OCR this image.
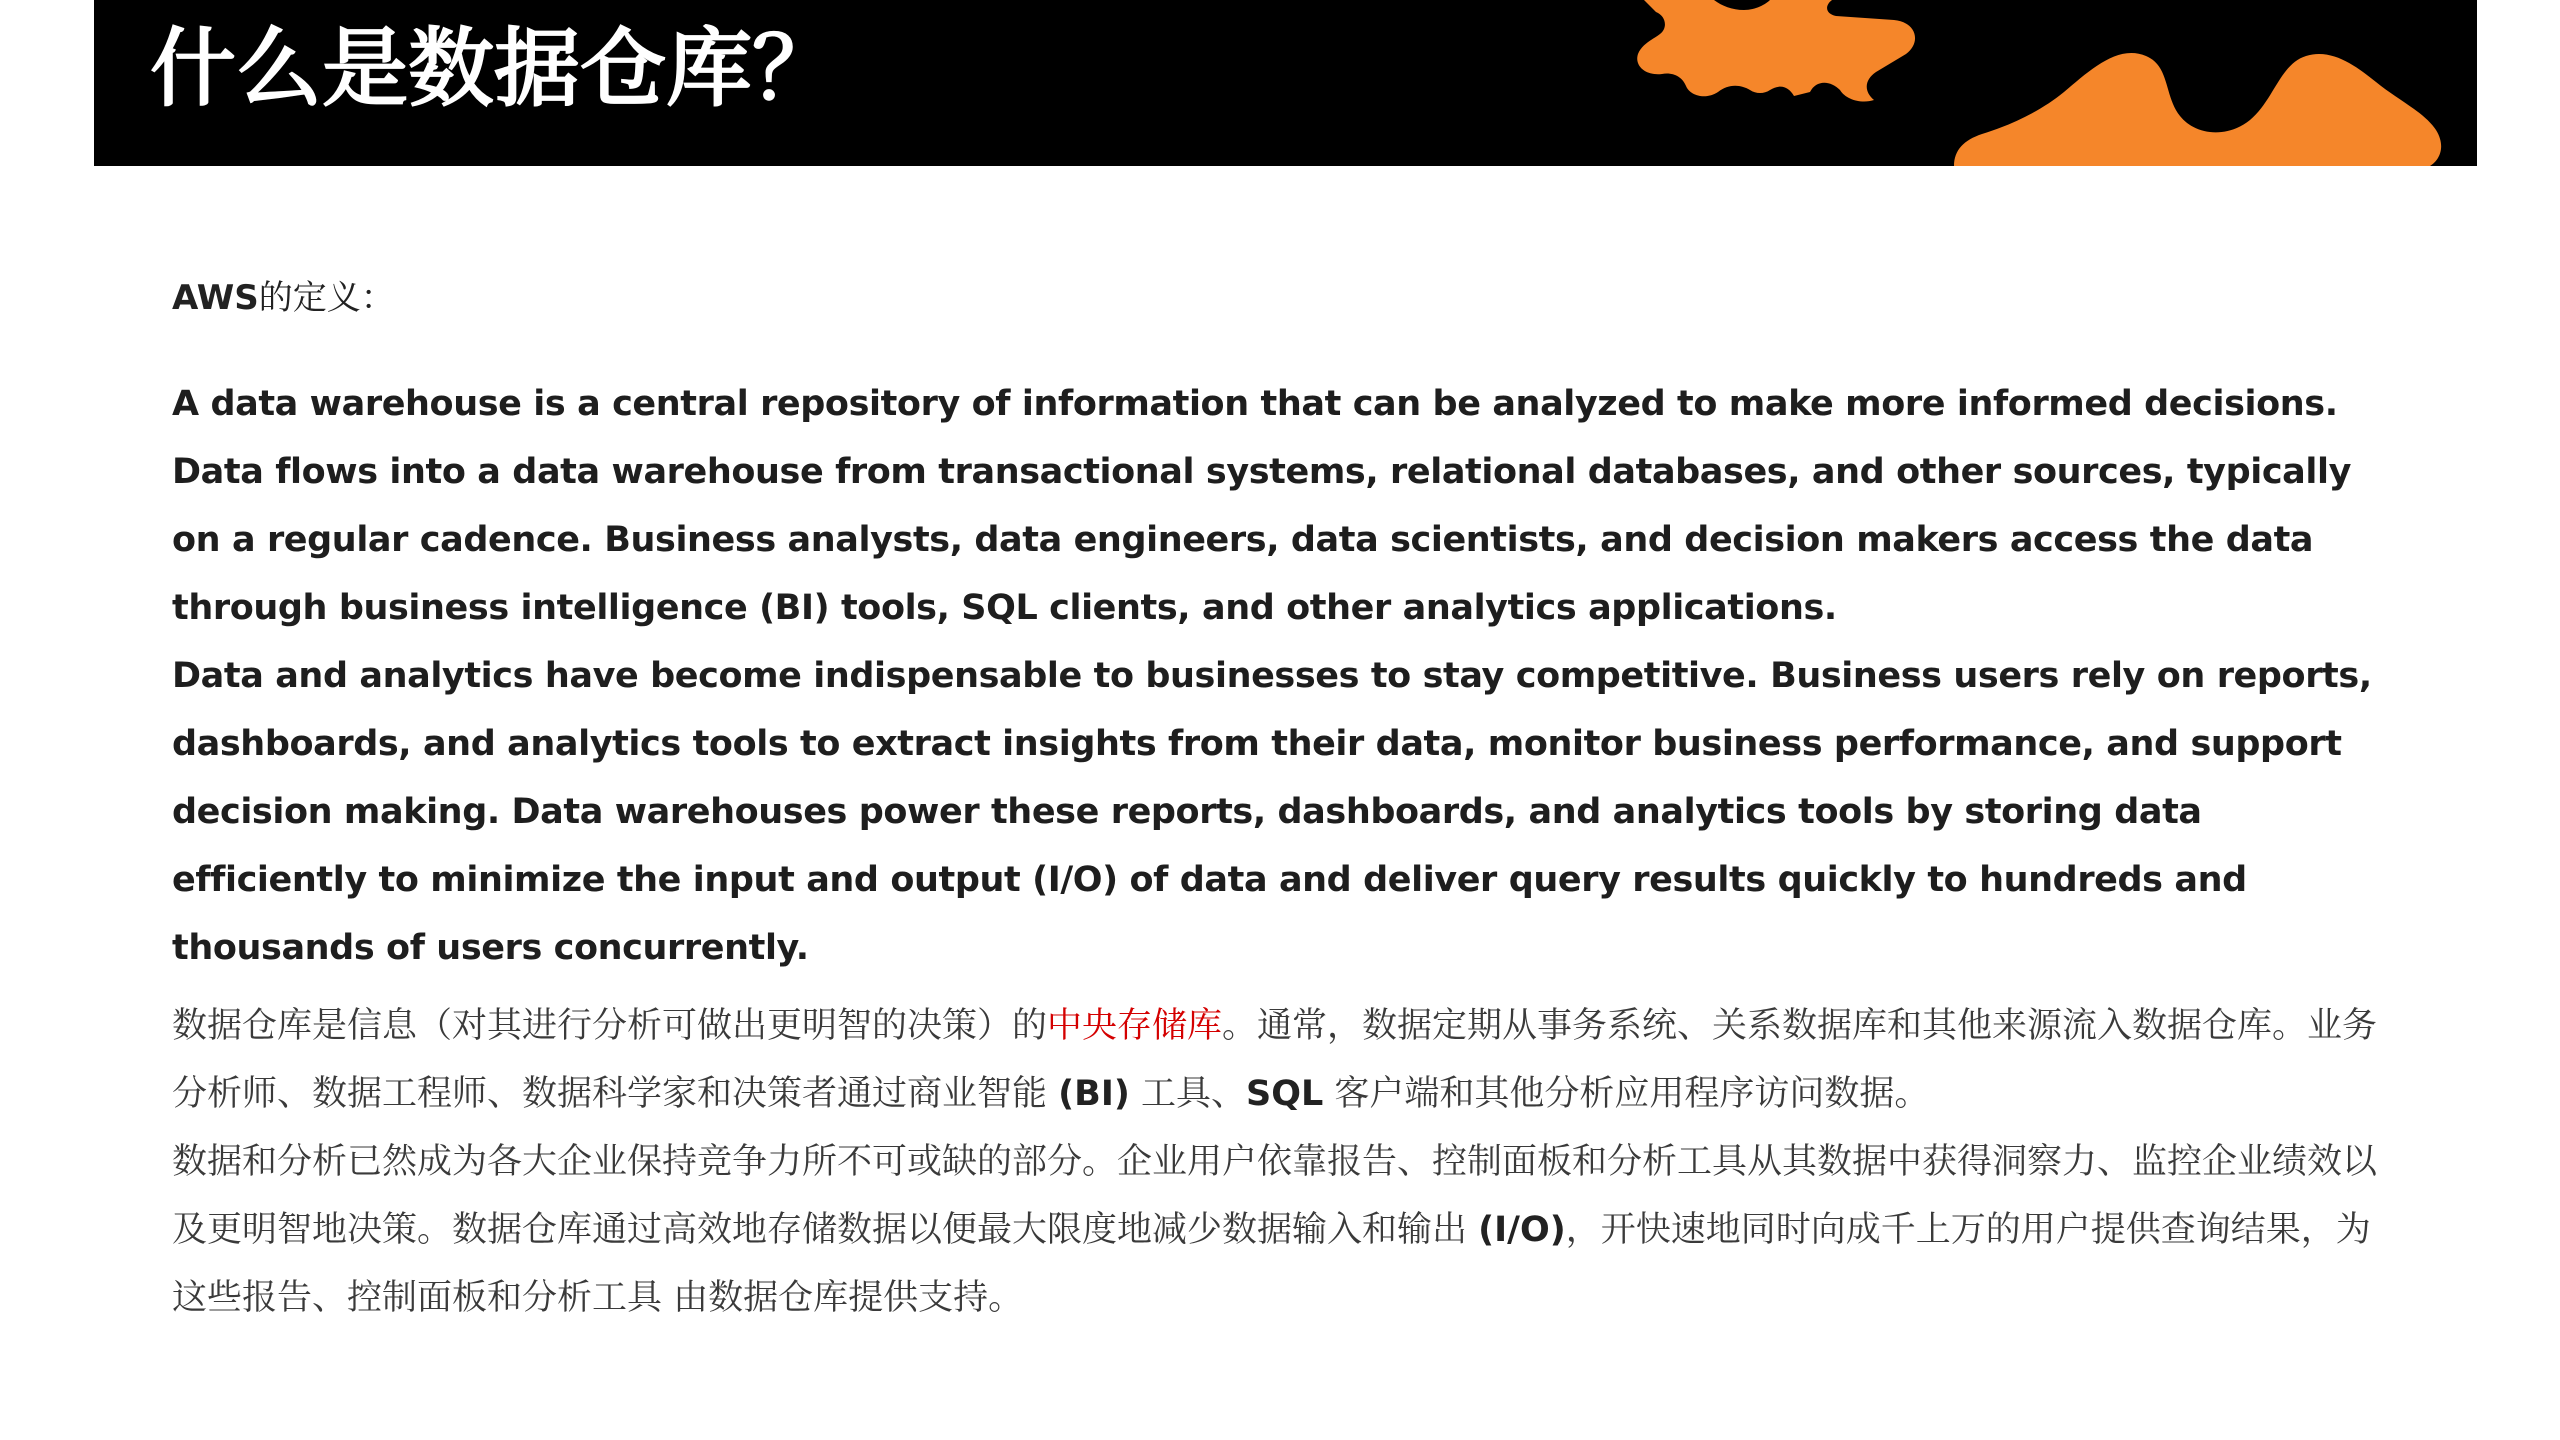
什么是数据仓库？

AWS的定义：

A data warehouse is a central repository of information that can be analyzed to make more informed decisions. Data flows into a data warehouse from transactional systems, relational databases, and other sources, typically on a regular cadence. Business analysts, data engineers, data scientists, and decision makers access the data through business intelligence (BI) tools, SQL clients, and other analytics applications.

Data and analytics have become indispensable to businesses to stay competitive. Business users rely on reports, dashboards, and analytics tools to extract insights from their data, monitor business performance, and support decision making. Data warehouses power these reports, dashboards, and analytics tools by storing data efficiently to minimize the input and output (I/O) of data and deliver query results quickly to hundreds and thousands of users concurrently.

数据仓库是信息（对其进行分析可做出更明智的决策）的中央存储库。通常，数据定期从事务系统、关系数据库和其他来源流入数据仓库。业务分析师、数据工程师、数据科学家和决策者通过商业智能 (BI) 工具、SQL 客户端和其他分析应用程序访问数据。

数据和分析已然成为各大企业保持竞争力所不可或缺的部分。企业用户依靠报告、控制面板和分析工具从其数据中获得洞察力、监控企业绩效以及更明智地决策。数据仓库通过高效地存储数据以便最大限度地减少数据输入和输出 (I/O)，开快速地同时向成千上万的用户提供查询结果，为这些报告、控制面板和分析工具 由数据仓库提供支持。
